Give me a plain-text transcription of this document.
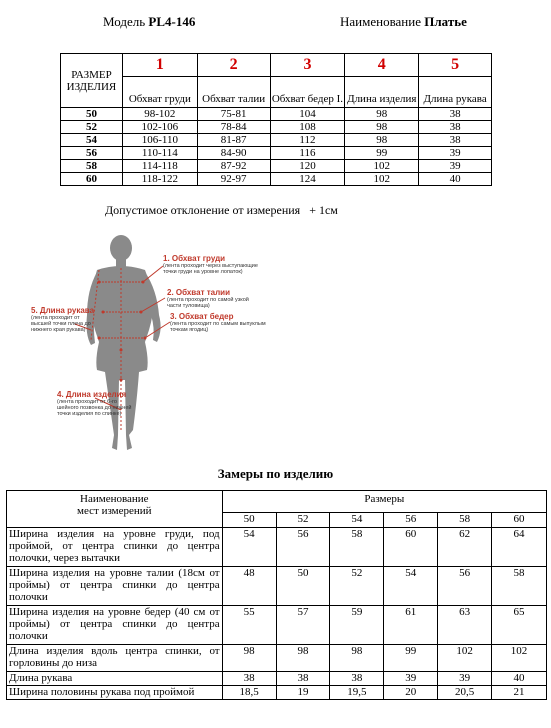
Модель PL4-146	Наименование Платье
РАЗМЕР ИЗДЕЛИЯ	1	2	3	4	5
	Обхват груди	Обхват талии	Обхват бедер I.	Длина изделия	Длина рукава
50	98-102	75-81	104	98	38
52	102-106	78-84	108	98	38
54	106-110	81-87	112	98	38
56	110-114	84-90	116	99	39
58	114-118	87-92	120	102	39
60	118-122	92-97	124	102	40
Допустимое отклонение от измерения + 1см
1. Обхват груди
(лента проходит через выступающие точки груди на уровне лопаток)
2. Обхват талии
(лента проходит по самой узкой части туловища)
3. Обхват бедер
(лента проходит по самым выпуклым точкам ягодиц)
5. Длина рукава
(лента проходит от высшей точки плеча до нижнего края рукава)
4. Длина изделия
(лента проходит от 6-го шейного позвонка до нижней точки изделия по спинке)
Замеры по изделию
Наименование мест измерений	Размеры					
	50	52	54	56	58	60
Ширина изделия на уровне груди, под проймой, от центра спинки до центра полочки, через вытачки	54	56	58	60	62	64
Ширина изделия на уровне талии (18см от проймы) от центра спинки до центра полочки	48	50	52	54	56	58
Ширина изделия на уровне бедер (40 см от проймы) от центра спинки до центра полочки	55	57	59	61	63	65
Длина изделия вдоль центра спинки, от горловины до низа	98	98	98	99	102	102
Длина рукава	38	38	38	39	39	40
Ширина половины рукава под проймой	18,5	19	19,5	20	20,5	21
